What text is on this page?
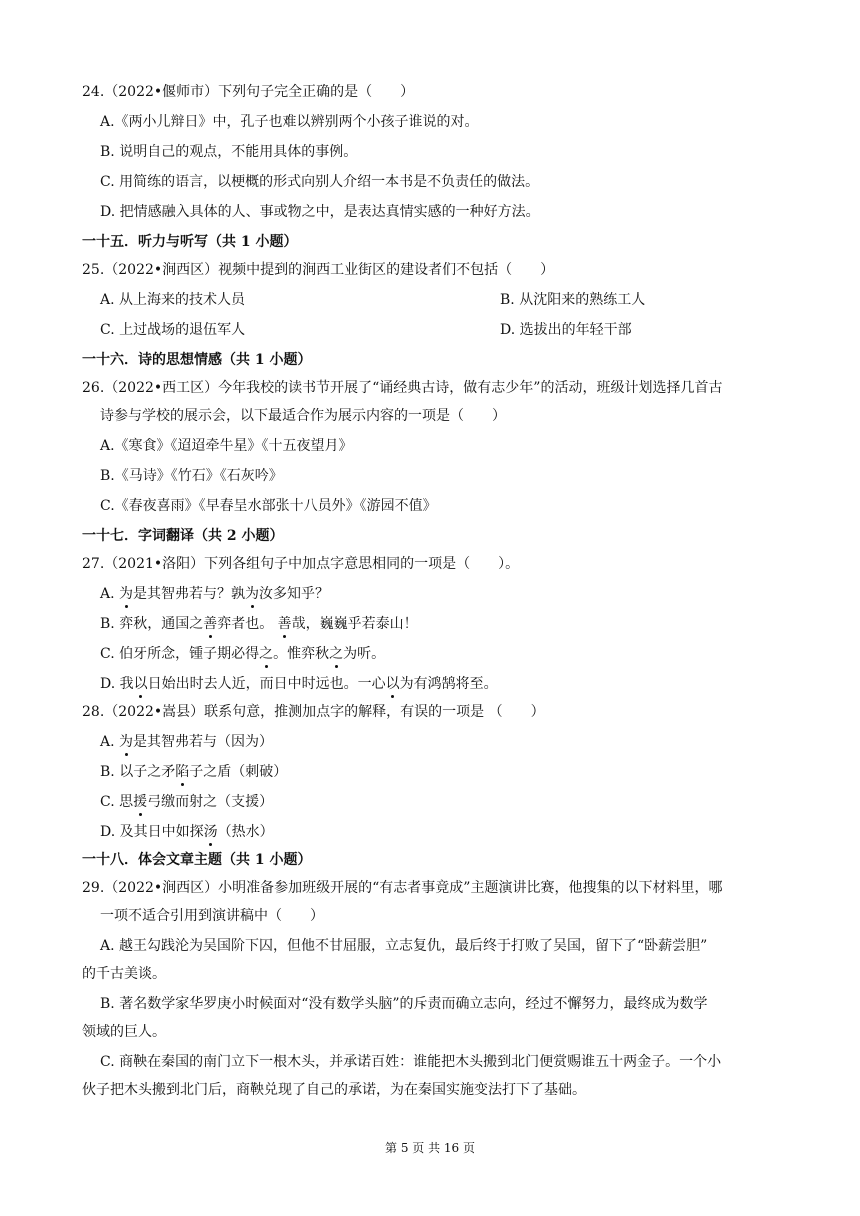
24.（2022•偃师市）下列句子完全正确的是（　　）
A.《两小儿辩日》中，孔子也难以辨别两个小孩子谁说的对。
B. 说明自己的观点，不能用具体的事例。
C. 用简练的语言，以梗概的形式向别人介绍一本书是不负责任的做法。
D. 把情感融入具体的人、事或物之中，是表达真情实感的一种好方法。
一十五．听力与听写（共 1 小题）
25.（2022•涧西区）视频中提到的涧西工业街区的建设者们不包括（　　）
A. 从上海来的技术人员	B. 从沈阳来的熟练工人
C. 上过战场的退伍军人	D. 选拔出的年轻干部
一十六．诗的思想情感（共 1 小题）
26.（2022•西工区）今年我校的读书节开展了“诵经典古诗，做有志少年”的活动，班级计划选择几首古
诗参与学校的展示会，以下最适合作为展示内容的一项是（　　）
A.《寒食》《迢迢牵牛星》《十五夜望月》
B.《马诗》《竹石》《石灰吟》
C.《春夜喜雨》《早春呈水部张十八员外》《游园不值》
一十七．字词翻译（共 2 小题）
27.（2021•洛阳）下列各组句子中加点字意思相同的一项是（　　）。
A. 为是其智弗若与？孰为汝多知乎？
B. 弈秋，通国之善弈者也。 善哉，巍巍乎若泰山！
C. 伯牙所念，锺子期必得之。惟弈秋之为听。
D. 我以日始出时去人近，而日中时远也。一心以为有鸿鹄将至。
28.（2022•嵩县）联系句意，推测加点字的解释，有误的一项是 （　　）
A. 为是其智弗若与（因为）
B. 以子之矛陷子之盾（刺破）
C. 思援弓缴而射之（支援）
D. 及其日中如探汤（热水）
一十八．体会文章主题（共 1 小题）
29.（2022•涧西区）小明准备参加班级开展的“有志者事竟成”主题演讲比赛，他搜集的以下材料里，哪
一项不适合引用到演讲稿中（　　）
A. 越王勾践沦为吴国阶下囚，但他不甘屈服，立志复仇，最后终于打败了吴国，留下了“卧薪尝胆”
的千古美谈。
B. 著名数学家华罗庚小时候面对“没有数学头脑”的斥责而确立志向，经过不懈努力，最终成为数学
领域的巨人。
C. 商鞅在秦国的南门立下一根木头，并承诺百姓：谁能把木头搬到北门便赏赐谁五十两金子。一个小
伙子把木头搬到北门后，商鞅兑现了自己的承诺，为在秦国实施变法打下了基础。
第 5 页 共 16 页
